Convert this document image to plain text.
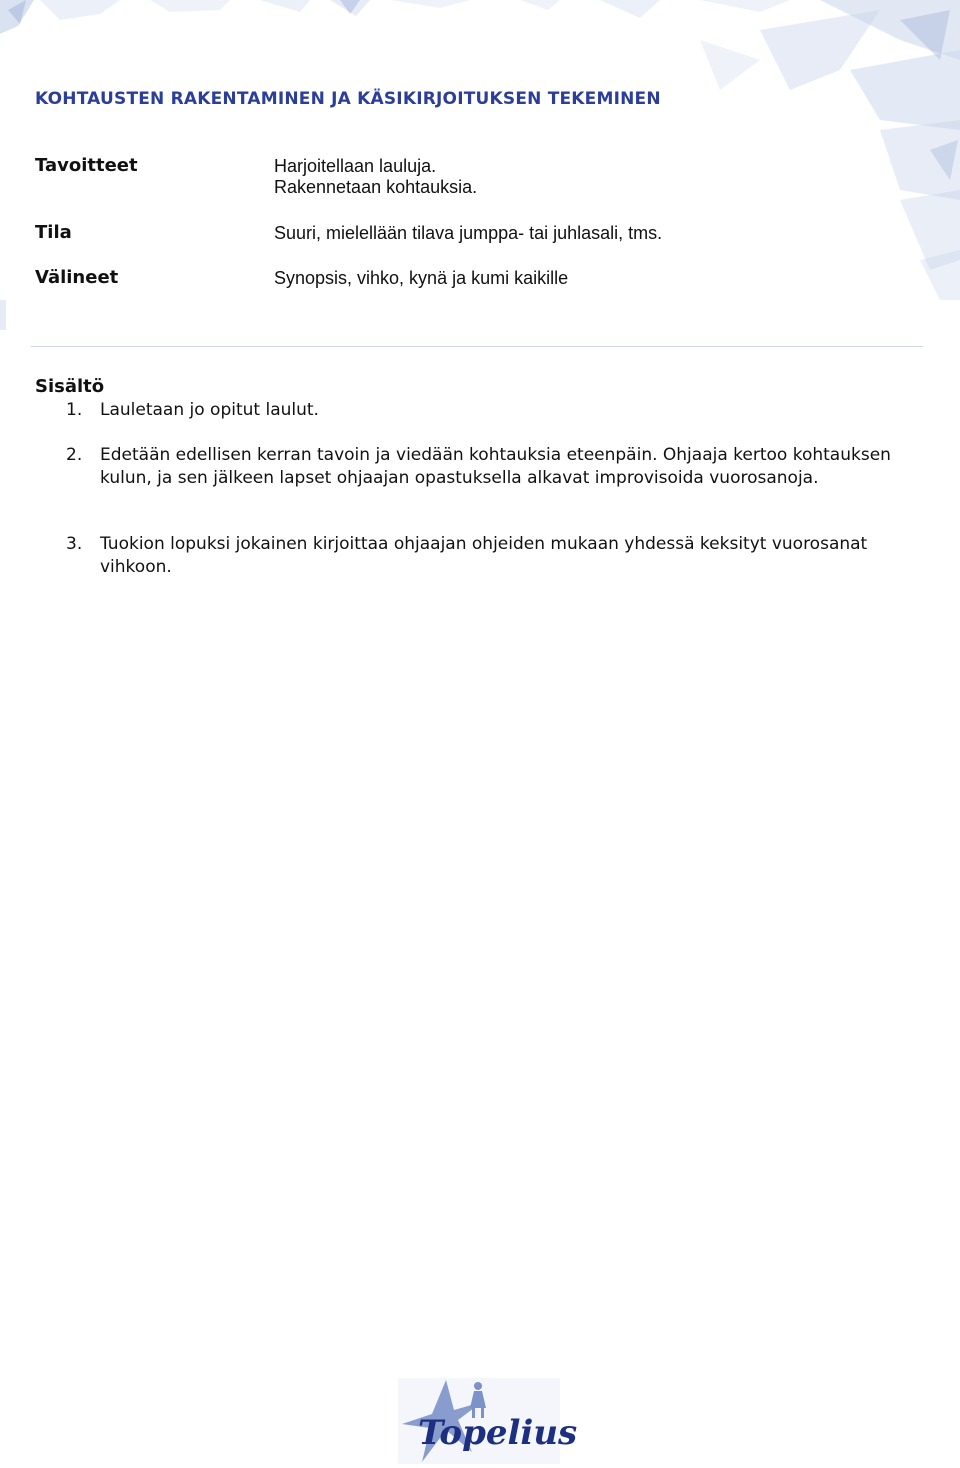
KOHTAUSTEN RAKENTAMINEN JA KÄSIKIRJOITUKSEN TEKEMINEN
Tavoitteet	Harjoitellaan lauluja.
Rakennetaan kohtauksia.
Tila	Suuri, mielellään tilava jumppa- tai juhlasali, tms.
Välineet	Synopsis, vihko, kynä ja kumi kaikille
Sisältö
1. Lauletaan jo opitut laulut.
2. Edetään edellisen kerran tavoin ja viedään kohtauksia eteenpäin. Ohjaaja kertoo kohtauksen kulun, ja sen jälkeen lapset ohjaajan opastuksella alkavat improvisoida vuorosanoja.
3. Tuokion lopuksi jokainen kirjoittaa ohjaajan ohjeiden mukaan yhdessä keksityt vuorosanat vihkoon.
Topelius
